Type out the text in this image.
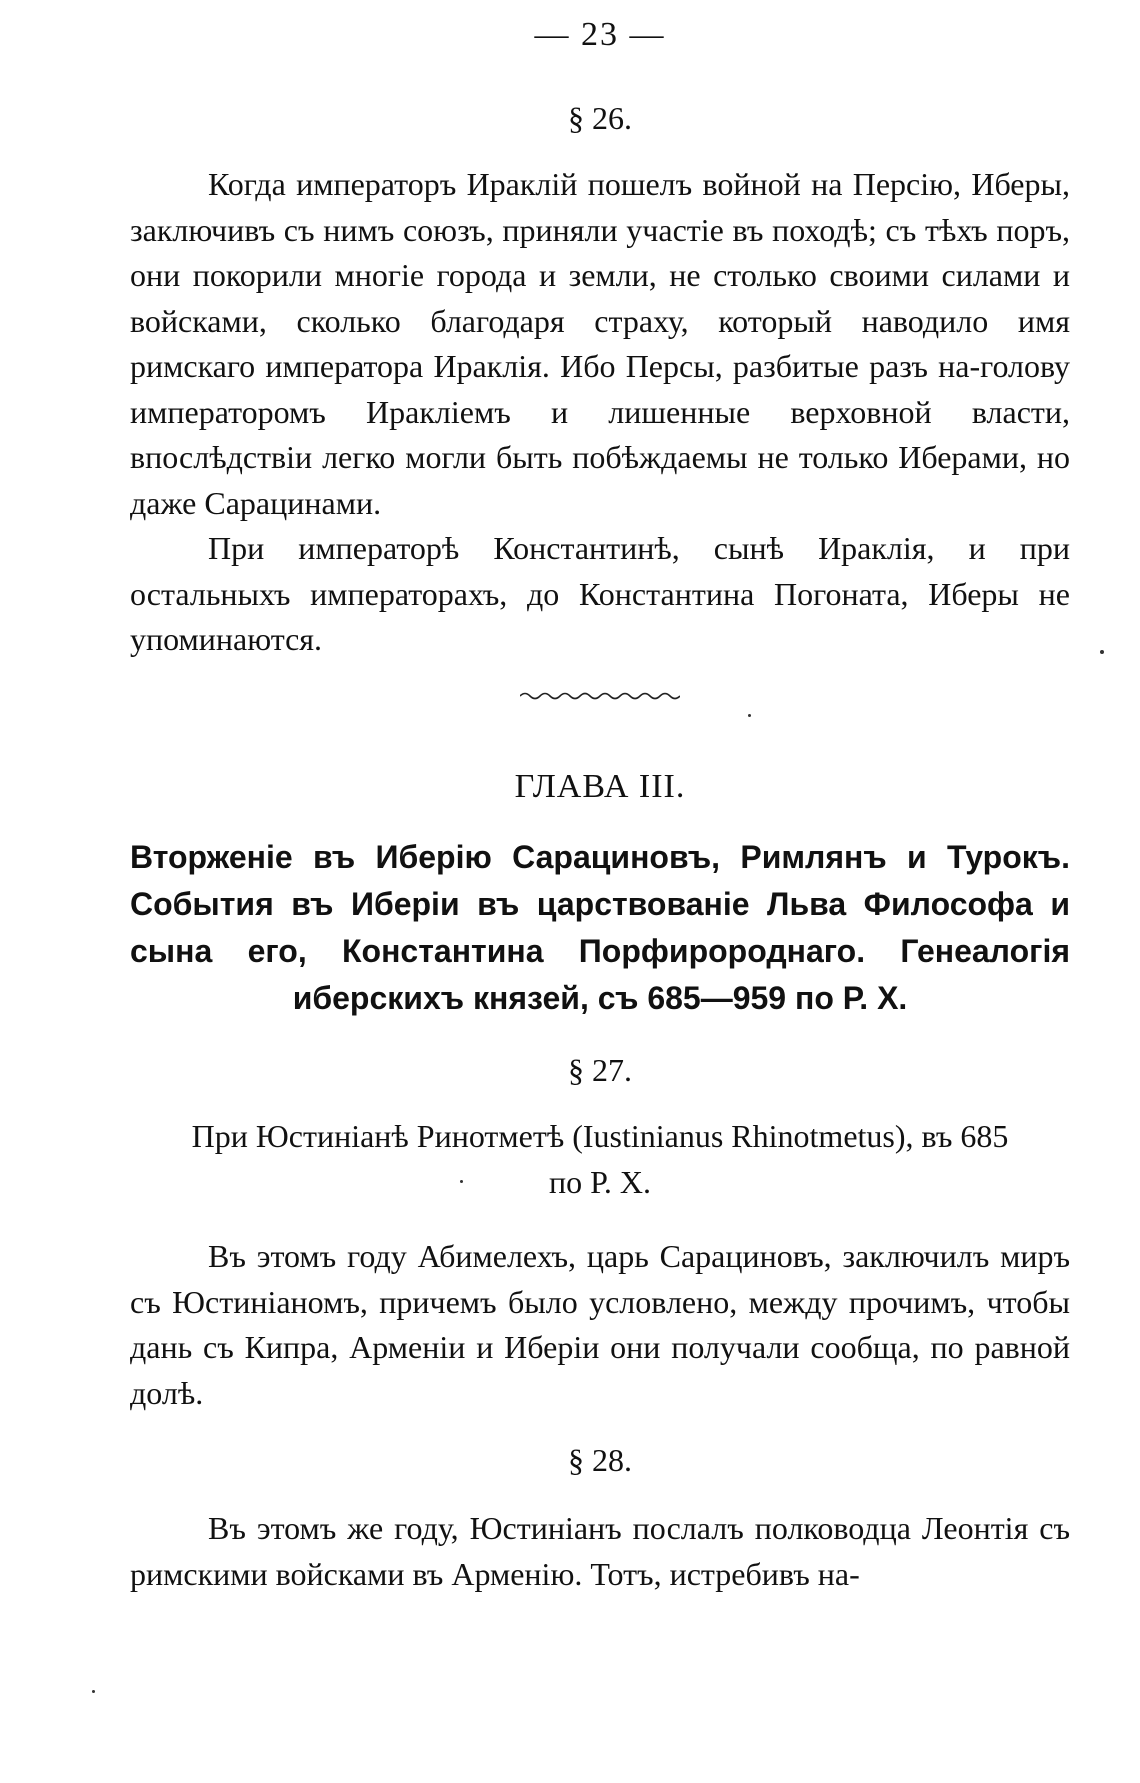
— 23 —
§ 26.
Когда императоръ Ираклій пошелъ войной на Персію, Иберы, заключивъ съ нимъ союзъ, приняли участіе въ походѣ; съ тѣхъ поръ, они покорили многіе города и земли, не столько своими силами и войсками, сколько благодаря страху, который наводило имя римскаго императора Ираклія. Ибо Персы, разбитые разъ на-голову императоромъ Иракліемъ и лишенные верховной власти, впослѣдствіи легко могли быть побѣждаемы не только Иберами, но даже Сарацинами.
При императорѣ Константинѣ, сынѣ Ираклія, и при остальныхъ императорахъ, до Константина Погоната, Иберы не упоминаются.
ГЛАВА III.
Вторженіе въ Иберію Сарациновъ, Римлянъ и Турокъ. События въ Иберіи въ царствованіе Льва Философа и сына его, Константина Порфиророднаго. Генеалогія иберскихъ князей, съ 685—959 по Р. X.
§ 27.
При Юстиніанѣ Ринотметѣ (Iustinianus Rhinotmetus), въ 685
по Р. X.
Въ этомъ году Абимелехъ, царь Сарациновъ, заключилъ миръ съ Юстиніаномъ, причемъ было условлено, между прочимъ, чтобы дань съ Кипра, Арменіи и Иберіи они получали сообща, по равной долѣ.
§ 28.
Въ этомъ же году, Юстиніанъ послалъ полководца Леонтія съ римскими войсками въ Арменію. Тотъ, истребивъ на-
